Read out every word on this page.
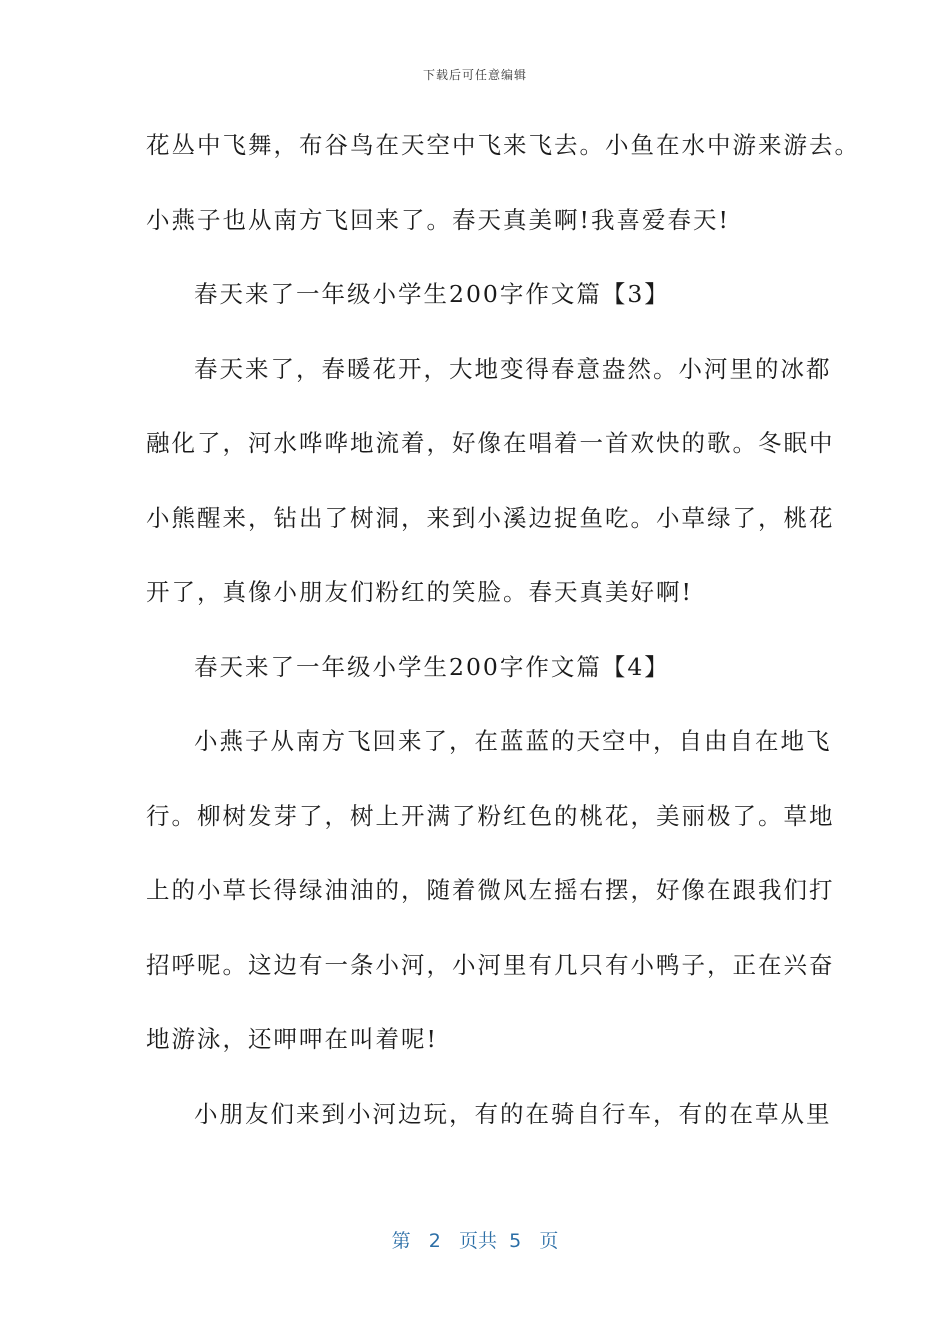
下载后可任意编辑
花丛中飞舞，布谷鸟在天空中飞来飞去。小鱼在水中游来游去。
小燕子也从南方飞回来了。春天真美啊!我喜爱春天!
春天来了一年级小学生200字作文篇【3】
春天来了，春暖花开，大地变得春意盎然。小河里的冰都
融化了，河水哗哗地流着，好像在唱着一首欢快的歌。冬眠中
小熊醒来，钻出了树洞，来到小溪边捉鱼吃。小草绿了，桃花
开了，真像小朋友们粉红的笑脸。春天真美好啊!
春天来了一年级小学生200字作文篇【4】
小燕子从南方飞回来了，在蓝蓝的天空中，自由自在地飞
行。柳树发芽了，树上开满了粉红色的桃花，美丽极了。草地
上的小草长得绿油油的，随着微风左摇右摆，好像在跟我们打
招呼呢。这边有一条小河，小河里有几只有小鸭子，正在兴奋
地游泳，还呷呷在叫着呢!
小朋友们来到小河边玩，有的在骑自行车，有的在草从里
第 2 页共 5 页
